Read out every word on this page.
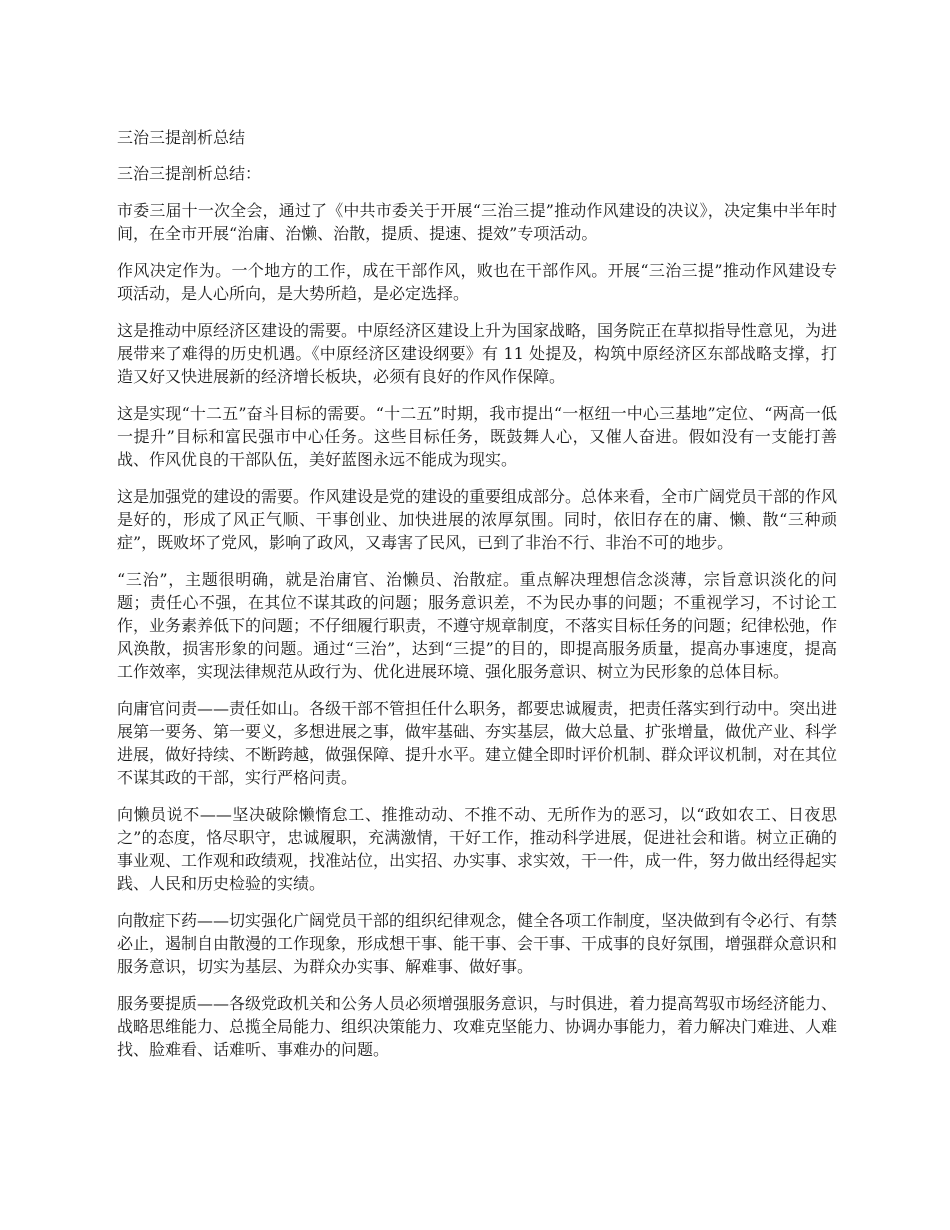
三治三提剖析总结

三治三提剖析总结：

市委三届十一次全会，通过了《中共市委关于开展“三治三提”推动作风建设的决议》，决定集中半年时间，在全市开展“治庸、治懒、治散，提质、提速、提效”专项活动。

作风决定作为。一个地方的工作，成在干部作风，败也在干部作风。开展“三治三提”推动作风建设专项活动，是人心所向，是大势所趋，是必定选择。

这是推动中原经济区建设的需要。中原经济区建设上升为国家战略，国务院正在草拟指导性意见，为进展带来了难得的历史机遇。《中原经济区建设纲要》有 11 处提及，构筑中原经济区东部战略支撑，打造又好又快进展新的经济增长板块，必须有良好的作风作保障。

这是实现“十二五”奋斗目标的需要。“十二五”时期，我市提出“一枢纽一中心三基地”定位、“两高一低一提升”目标和富民强市中心任务。这些目标任务，既鼓舞人心，又催人奋进。假如没有一支能打善战、作风优良的干部队伍，美好蓝图永远不能成为现实。

这是加强党的建设的需要。作风建设是党的建设的重要组成部分。总体来看，全市广阔党员干部的作风是好的，形成了风正气顺、干事创业、加快进展的浓厚氛围。同时，依旧存在的庸、懒、散“三种顽症”，既败坏了党风，影响了政风，又毒害了民风，已到了非治不行、非治不可的地步。

“三治”，主题很明确，就是治庸官、治懒员、治散症。重点解决理想信念淡薄，宗旨意识淡化的问题；责任心不强，在其位不谋其政的问题；服务意识差，不为民办事的问题；不重视学习，不讨论工作，业务素养低下的问题；不仔细履行职责，不遵守规章制度，不落实目标任务的问题；纪律松弛，作风涣散，损害形象的问题。通过“三治”，达到“三提”的目的，即提高服务质量，提高办事速度，提高工作效率，实现法律规范从政行为、优化进展环境、强化服务意识、树立为民形象的总体目标。

向庸官问责——责任如山。各级干部不管担任什么职务，都要忠诚履责，把责任落实到行动中。突出进展第一要务、第一要义，多想进展之事，做牢基础、夯实基层，做大总量、扩张增量，做优产业、科学进展，做好持续、不断跨越，做强保障、提升水平。建立健全即时评价机制、群众评议机制，对在其位不谋其政的干部，实行严格问责。

向懒员说不——坚决破除懒惰怠工、推推动动、不推不动、无所作为的恶习，以“政如农工、日夜思之”的态度，恪尽职守，忠诚履职，充满激情，干好工作，推动科学进展，促进社会和谐。树立正确的事业观、工作观和政绩观，找准站位，出实招、办实事、求实效，干一件，成一件，努力做出经得起实践、人民和历史检验的实绩。

向散症下药——切实强化广阔党员干部的组织纪律观念，健全各项工作制度，坚决做到有令必行、有禁必止，遏制自由散漫的工作现象，形成想干事、能干事、会干事、干成事的良好氛围，增强群众意识和服务意识，切实为基层、为群众办实事、解难事、做好事。

服务要提质——各级党政机关和公务人员必须增强服务意识，与时俱进，着力提高驾驭市场经济能力、战略思维能力、总揽全局能力、组织决策能力、攻难克坚能力、协调办事能力，着力解决门难进、人难找、脸难看、话难听、事难办的问题。
